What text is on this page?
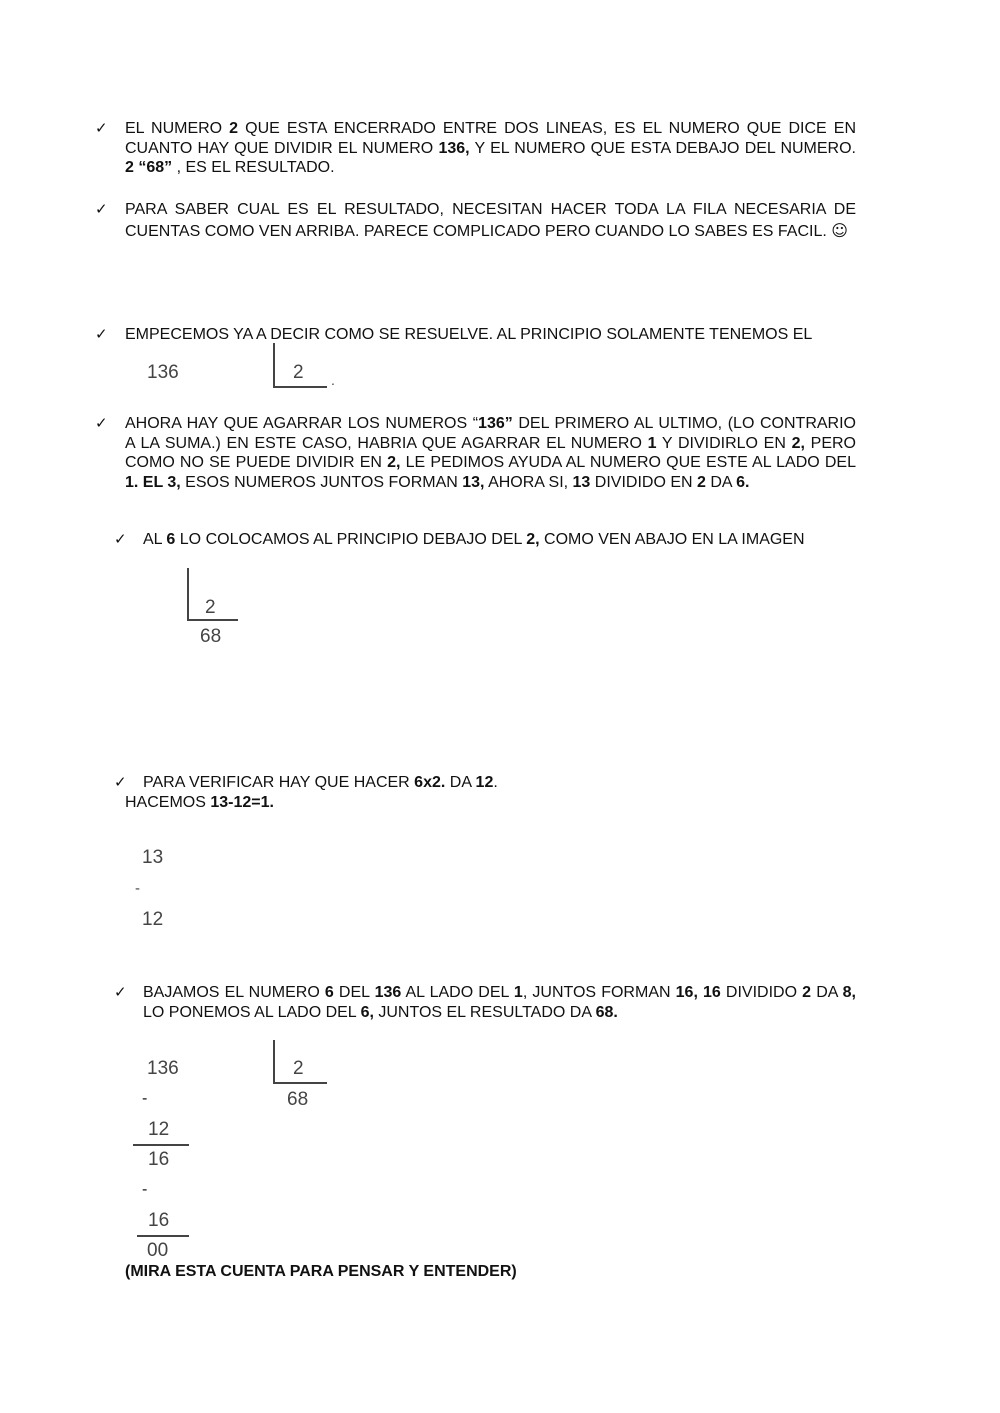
✓ EL NUMERO 2 QUE ESTA ENCERRADO ENTRE DOS LINEAS, ES EL NUMERO QUE DICE EN CUANTO HAY QUE DIVIDIR EL NUMERO 136, Y EL NUMERO QUE ESTA DEBAJO DEL NUMERO. 2 “68” , ES EL RESULTADO.
✓ PARA SABER CUAL ES EL RESULTADO, NECESITAN HACER TODA LA FILA NECESARIA DE CUENTAS COMO VEN ARRIBA. PARECE COMPLICADO PERO CUANDO LO SABES ES FACIL. ☺
✓ EMPECEMOS YA A DECIR COMO SE RESUELVE. AL PRINCIPIO SOLAMENTE TENEMOS EL
136	2 .
✓ AHORA HAY QUE AGARRAR LOS NUMEROS “136” DEL PRIMERO AL ULTIMO, (LO CONTRARIO A LA SUMA.) EN ESTE CASO, HABRIA QUE AGARRAR EL NUMERO 1 Y DIVIDIRLO EN 2, PERO COMO NO SE PUEDE DIVIDIR EN 2, LE PEDIMOS AYUDA AL NUMERO QUE ESTE AL LADO DEL 1. EL 3, ESOS NUMEROS JUNTOS FORMAN 13, AHORA SI, 13 DIVIDIDO EN 2 DA 6.
✓ AL 6 LO COLOCAMOS AL PRINCIPIO DEBAJO DEL 2, COMO VEN ABAJO EN LA IMAGEN
2
68
✓ PARA VERIFICAR HAY QUE HACER 6x2. DA 12.
HACEMOS 13-12=1.
13
-
12
✓ BAJAMOS EL NUMERO 6 DEL 136 AL LADO DEL 1, JUNTOS FORMAN 16, 16 DIVIDIDO 2 DA 8, LO PONEMOS AL LADO DEL 6, JUNTOS EL RESULTADO DA 68.
136	2
68
-
12
16
-
16
00
(MIRA ESTA CUENTA PARA PENSAR Y ENTENDER)
